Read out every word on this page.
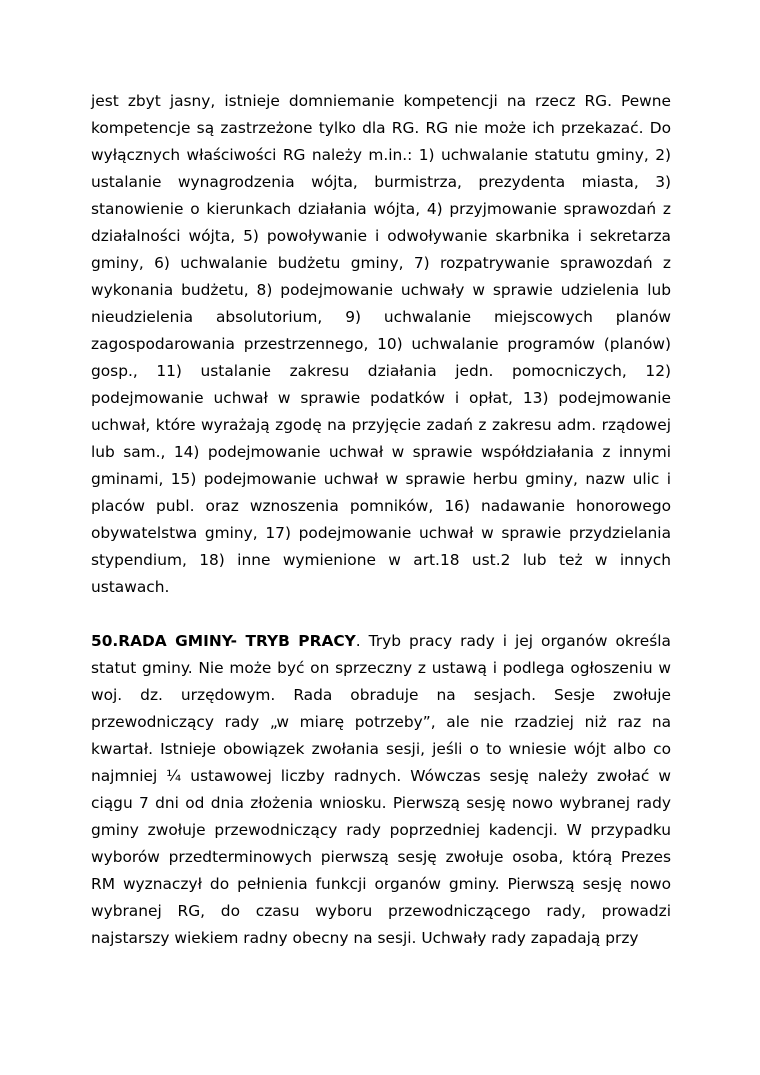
jest zbyt jasny, istnieje domniemanie kompetencji na rzecz RG. Pewne kompetencje są zastrzeżone tylko dla RG. RG nie może ich przekazać. Do wyłącznych właściwości RG należy m.in.: 1) uchwalanie statutu gminy, 2) ustalanie wynagrodzenia wójta, burmistrza, prezydenta miasta, 3) stanowienie o kierunkach działania wójta, 4) przyjmowanie sprawozdań z działalności wójta, 5) powoływanie i odwoływanie skarbnika i sekretarza gminy, 6) uchwalanie budżetu gminy, 7) rozpatrywanie sprawozdań z wykonania budżetu, 8) podejmowanie uchwały w sprawie udzielenia lub nieudzielenia absolutorium, 9) uchwalanie miejscowych planów zagospodarowania przestrzennego, 10) uchwalanie programów (planów) gosp., 11) ustalanie zakresu działania jedn. pomocniczych, 12) podejmowanie uchwał w sprawie podatków i opłat, 13) podejmowanie uchwał, które wyrażają zgodę na przyjęcie zadań z zakresu adm. rządowej lub sam., 14) podejmowanie uchwał w sprawie współdziałania z innymi gminami, 15) podejmowanie uchwał w sprawie herbu gminy, nazw ulic i placów publ. oraz wznoszenia pomników, 16) nadawanie honorowego obywatelstwa gminy, 17) podejmowanie uchwał w sprawie przydzielania stypendium, 18) inne wymienione w art.18 ust.2 lub też w innych ustawach.

50.RADA GMINY- TRYB PRACY. Tryb pracy rady i jej organów określa statut gminy. Nie może być on sprzeczny z ustawą i podlega ogłoszeniu w woj. dz. urzędowym. Rada obraduje na sesjach. Sesje zwołuje przewodniczący rady „w miarę potrzeby”, ale nie rzadziej niż raz na kwartał. Istnieje obowiązek zwołania sesji, jeśli o to wniesie wójt albo co najmniej ¼ ustawowej liczby radnych. Wówczas sesję należy zwołać w ciągu 7 dni od dnia złożenia wniosku. Pierwszą sesję nowo wybranej rady gminy zwołuje przewodniczący rady poprzedniej kadencji. W przypadku wyborów przedterminowych pierwszą sesję zwołuje osoba, którą Prezes RM wyznaczył do pełnienia funkcji organów gminy. Pierwszą sesję nowo wybranej RG, do czasu wyboru przewodniczącego rady, prowadzi najstarszy wiekiem radny obecny na sesji. Uchwały rady zapadają przy
